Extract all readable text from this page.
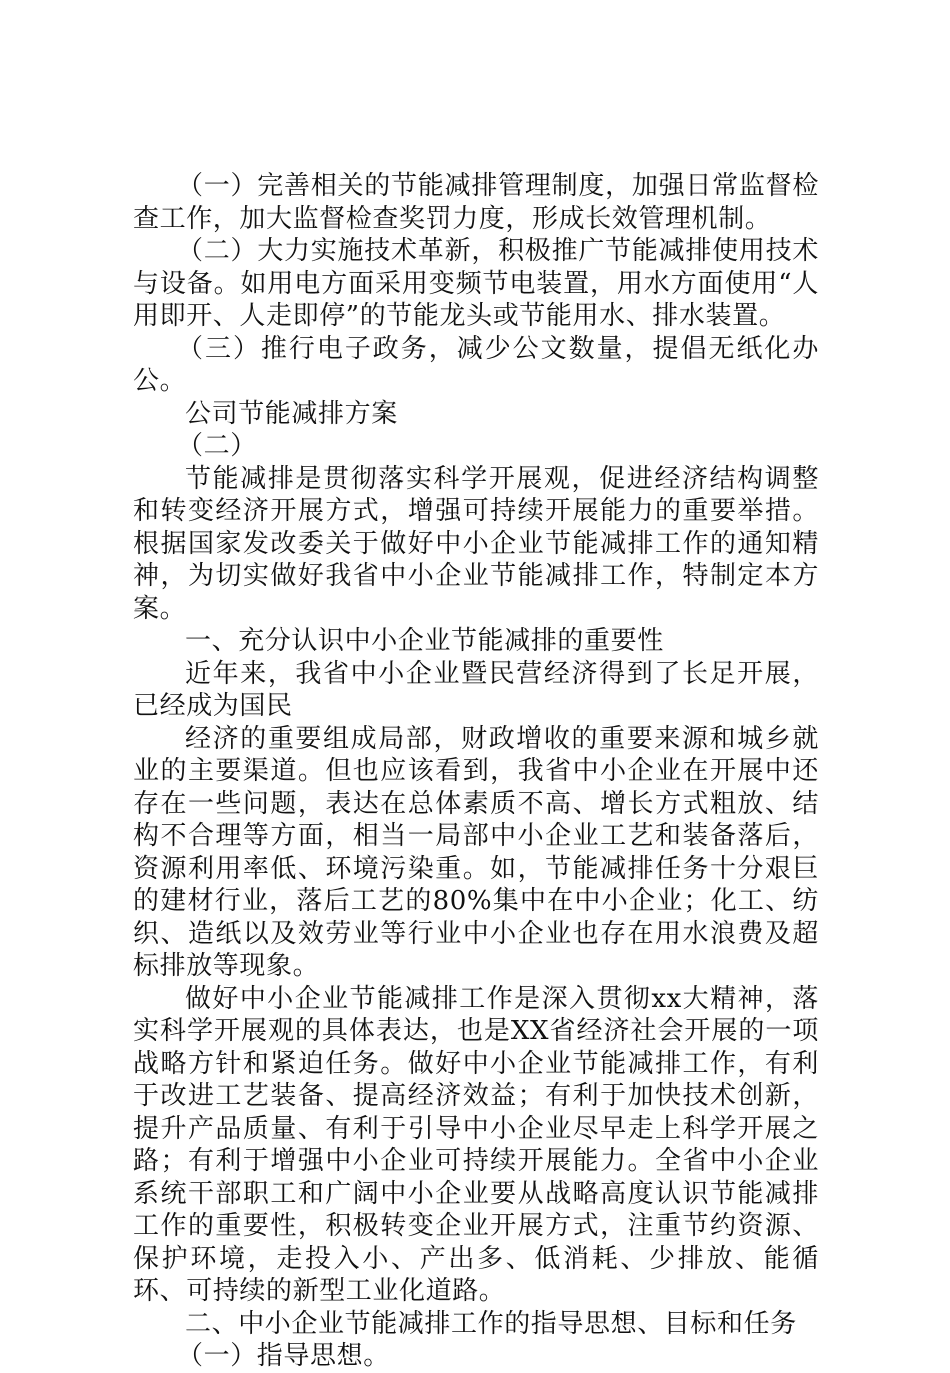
（一）完善相关的节能减排管理制度，加强日常监督检查工作，加大监督检查奖罚力度，形成长效管理机制。

（二）大力实施技术革新，积极推广节能减排使用技术与设备。如用电方面采用变频节电装置，用水方面使用“人用即开、人走即停”的节能龙头或节能用水、排水装置。

（三）推行电子政务，减少公文数量，提倡无纸化办公。

公司节能减排方案

（二）

节能减排是贯彻落实科学开展观，促进经济结构调整和转变经济开展方式，增强可持续开展能力的重要举措。根据国家发改委关于做好中小企业节能减排工作的通知精神，为切实做好我省中小企业节能减排工作，特制定本方案。

一、充分认识中小企业节能减排的重要性

近年来，我省中小企业暨民营经济得到了长足开展，已经成为国民

经济的重要组成局部，财政增收的重要来源和城乡就业的主要渠道。但也应该看到，我省中小企业在开展中还存在一些问题，表达在总体素质不高、增长方式粗放、结构不合理等方面，相当一局部中小企业工艺和装备落后，资源利用率低、环境污染重。如，节能减排任务十分艰巨的建材行业，落后工艺的80%集中在中小企业；化工、纺织、造纸以及效劳业等行业中小企业也存在用水浪费及超标排放等现象。

做好中小企业节能减排工作是深入贯彻xx大精神，落实科学开展观的具体表达，也是XX省经济社会开展的一项战略方针和紧迫任务。做好中小企业节能减排工作，有利于改进工艺装备、提高经济效益；有利于加快技术创新，提升产品质量、有利于引导中小企业尽早走上科学开展之路；有利于增强中小企业可持续开展能力。全省中小企业系统干部职工和广阔中小企业要从战略高度认识节能减排工作的重要性，积极转变企业开展方式，注重节约资源、保护环境，走投入小、产出多、低消耗、少排放、能循环、可持续的新型工业化道路。

二、中小企业节能减排工作的指导思想、目标和任务

（一）指导思想。
